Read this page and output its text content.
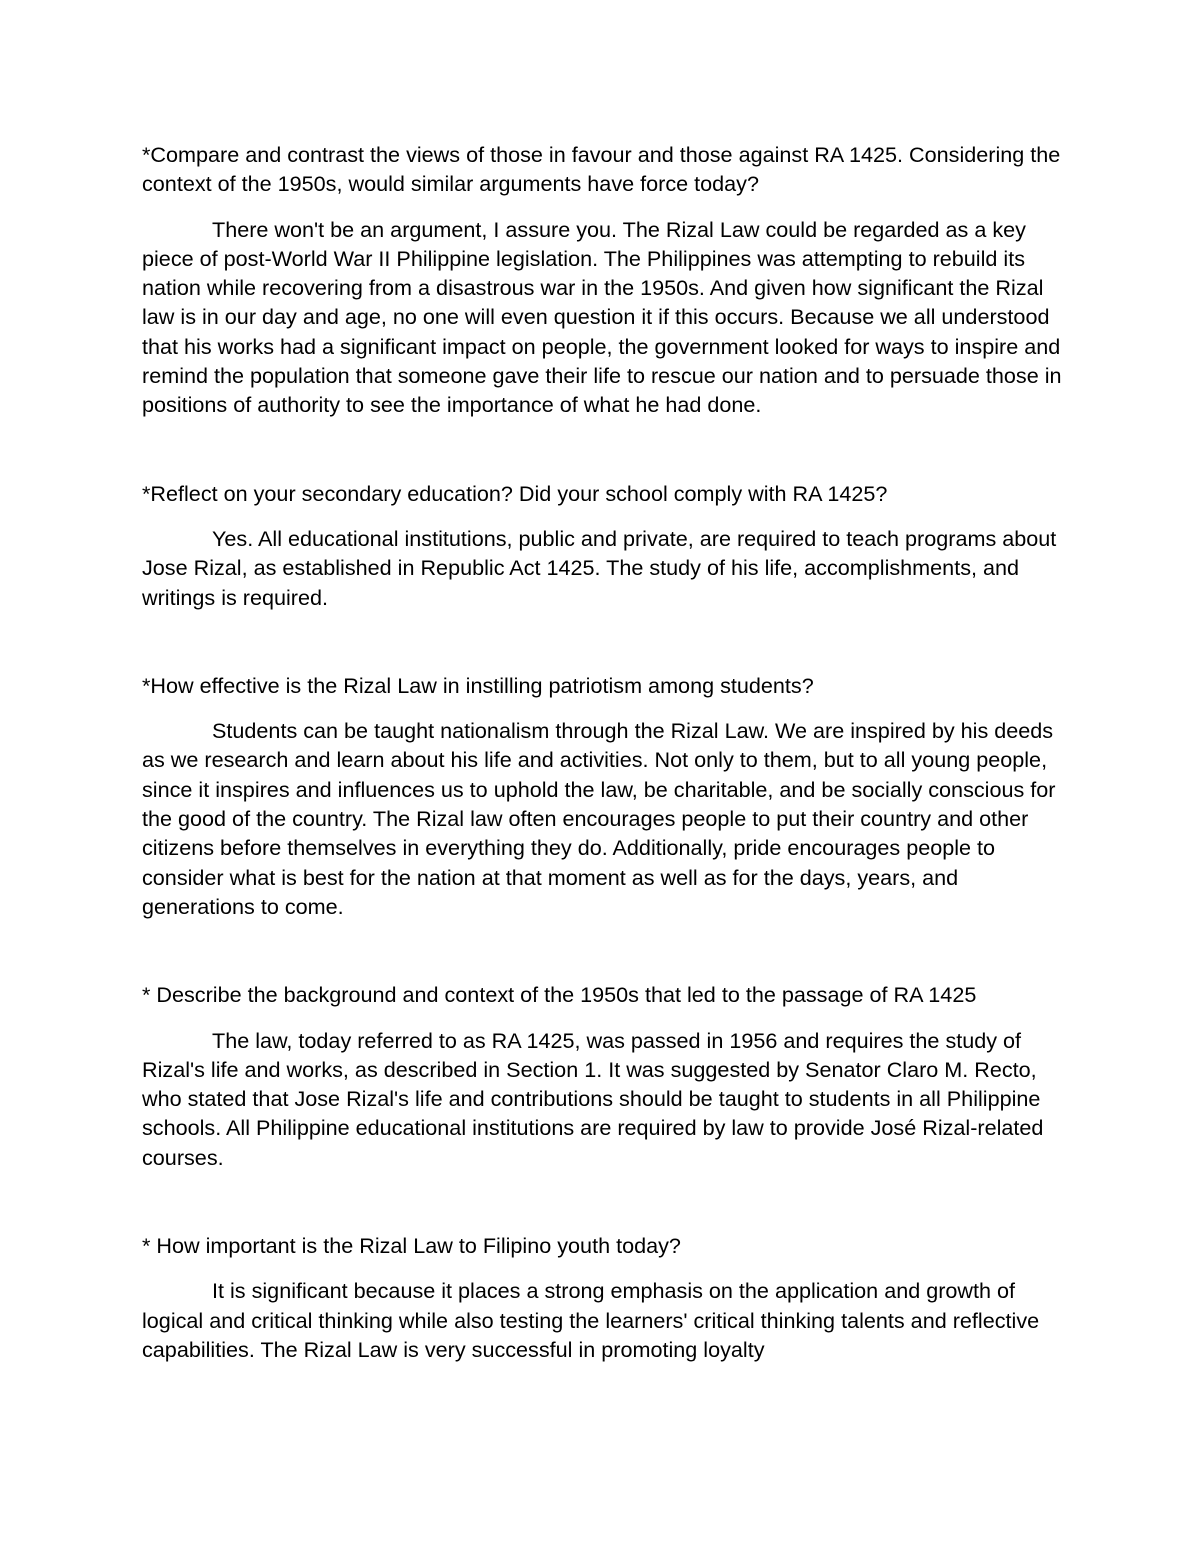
*Compare and contrast the views of those in favour and those against RA 1425. Considering the context of the 1950s, would similar arguments have force today?

There won't be an argument, I assure you. The Rizal Law could be regarded as a key piece of post-World War II Philippine legislation. The Philippines was attempting to rebuild its nation while recovering from a disastrous war in the 1950s. And given how significant the Rizal law is in our day and age, no one will even question it if this occurs. Because we all understood that his works had a significant impact on people, the government looked for ways to inspire and remind the population that someone gave their life to rescue our nation and to persuade those in positions of authority to see the importance of what he had done.

*Reflect on your secondary education? Did your school comply with RA 1425?

Yes. All educational institutions, public and private, are required to teach programs about Jose Rizal, as established in Republic Act 1425. The study of his life, accomplishments, and writings is required.

*How effective is the Rizal Law in instilling patriotism among students?

Students can be taught nationalism through the Rizal Law. We are inspired by his deeds as we research and learn about his life and activities. Not only to them, but to all young people, since it inspires and influences us to uphold the law, be charitable, and be socially conscious for the good of the country. The Rizal law often encourages people to put their country and other citizens before themselves in everything they do. Additionally, pride encourages people to consider what is best for the nation at that moment as well as for the days, years, and generations to come.

* Describe the background and context of the 1950s that led to the passage of RA 1425

The law, today referred to as RA 1425, was passed in 1956 and requires the study of Rizal's life and works, as described in Section 1. It was suggested by Senator Claro M. Recto, who stated that Jose Rizal's life and contributions should be taught to students in all Philippine schools. All Philippine educational institutions are required by law to provide José Rizal-related courses.

* How important is the Rizal Law to Filipino youth today?

It is significant because it places a strong emphasis on the application and growth of logical and critical thinking while also testing the learners' critical thinking talents and reflective capabilities. The Rizal Law is very successful in promoting loyalty
